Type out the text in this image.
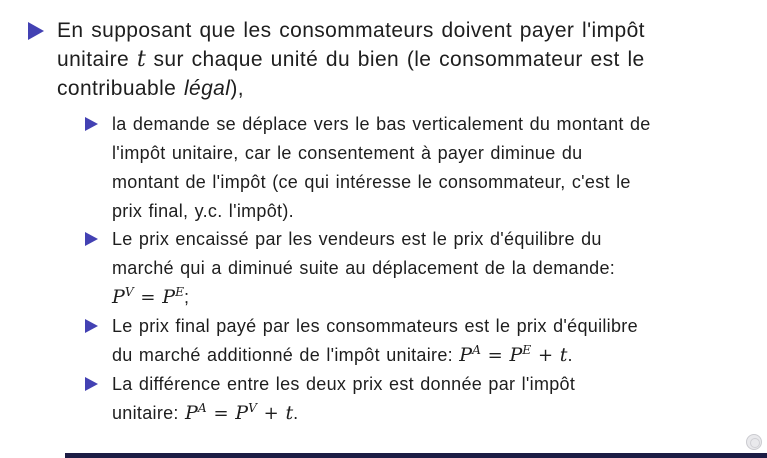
En supposant que les consommateurs doivent payer l'impôt
unitaire t sur chaque unité du bien (le consommateur est le
contribuable légal),
la demande se déplace vers le bas verticalement du montant de
l'impôt unitaire, car le consentement à payer diminue du
montant de l'impôt (ce qui intéresse le consommateur, c'est le
prix final, y.c. l'impôt).
Le prix encaissé par les vendeurs est le prix d'équilibre du
marché qui a diminué suite au déplacement de la demande:
$P^V = P^E$;
Le prix final payé par les consommateurs est le prix d'équilibre
du marché additionné de l'impôt unitaire: $P^A = P^E + t$.
La différence entre les deux prix est donnée par l'impôt
unitaire: $P^A = P^V + t$.
